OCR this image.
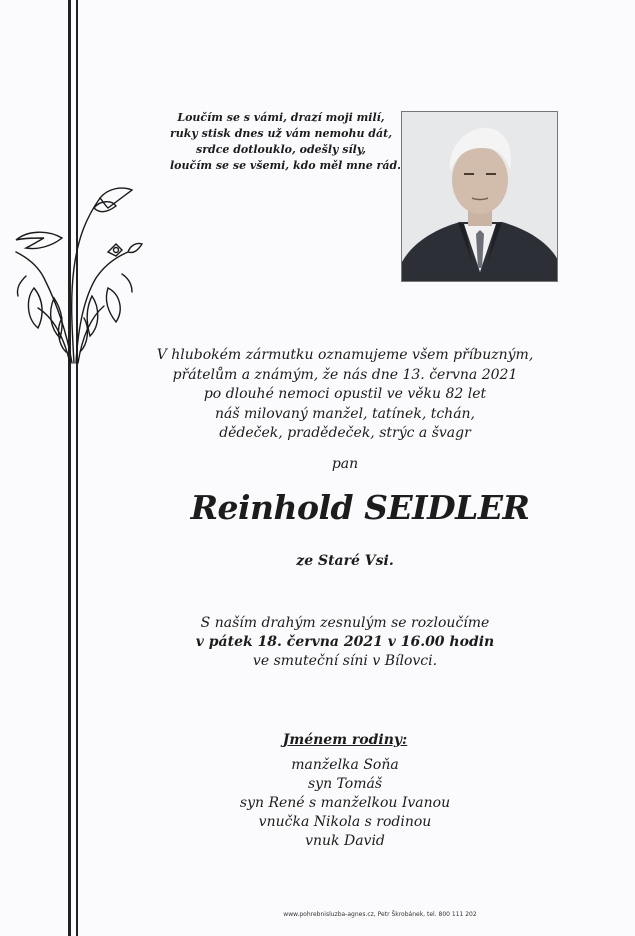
Loučím se s vámi, drazí moji milí,
ruky stisk dnes už vám nemohu dát,
srdce dotlouklo, odešly síly,
loučím se se všemi, kdo měl mne rád.
V hlubokém zármutku oznamujeme všem příbuzným,
přátelům a známým, že nás dne 13. června 2021
po dlouhé nemoci opustil ve věku 82 let
náš milovaný manžel, tatínek, tchán,
dědeček, pradědeček, strýc a švagr
pan
Reinhold SEIDLER
ze Staré Vsi.
S naším drahým zesnulým se rozloučíme
v pátek 18. června 2021 v 16.00 hodin
ve smuteční síni v Bílovci.
Jménem rodiny:
manželka Soňa
syn Tomáš
syn René s manželkou Ivanou
vnučka Nikola s rodinou
vnuk David
www.pohrebnisluzba-agnes.cz, Petr Škrobánek, tel. 800 111 202
